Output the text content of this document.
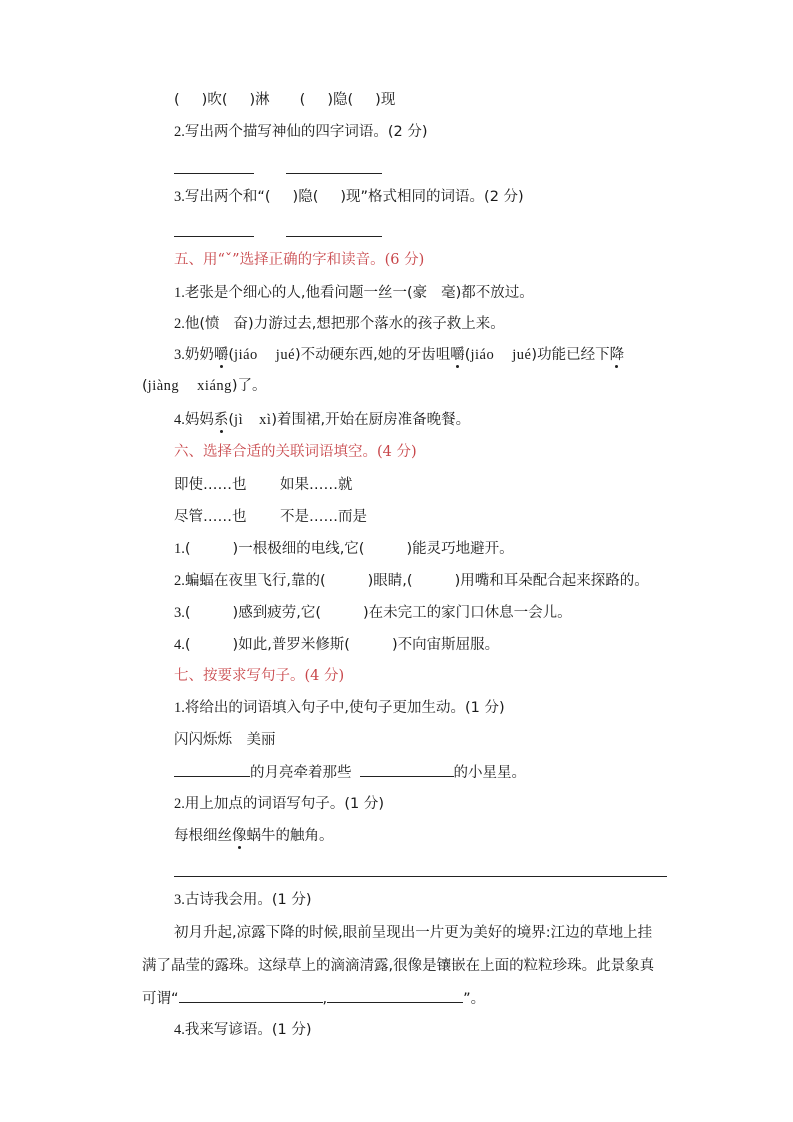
( )吹( )淋 ( )隐( )现
2.写出两个描写神仙的四字词语。(2 分)
3.写出两个和“( )隐( )现”格式相同的词语。(2 分)
五、用“ˇ”选择正确的字和读音。(6 分)
1.老张是个细心的人,他看问题一丝一(豪 毫)都不放过。
2.他(愤 奋)力游过去,想把那个落水的孩子救上来。
3.奶奶嚼(jiáo jué)不动硬东西,她的牙齿咀嚼(jiáo jué)功能已经下降
(jiàng xiáng)了。
4.妈妈系(jì xì)着围裙,开始在厨房准备晚餐。
六、选择合适的关联词语填空。(4 分)
即使……也 如果……就
尽管……也 不是……而是
1.(	)一根极细的电线,它(	)能灵巧地避开。
2.蝙蝠在夜里飞行,靠的(	)眼睛,(	)用嘴和耳朵配合起来探路的。
3.(	)感到疲劳,它(	)在未完工的家门口休息一会儿。
4.(	)如此,普罗米修斯(	)不向宙斯屈服。
七、按要求写句子。(4 分)
1.将给出的词语填入句子中,使句子更加生动。(1 分)
闪闪烁烁　美丽
的月亮牵着那些	的小星星。
2.用上加点的词语写句子。(1 分)
每根细丝像蜗牛的触角。
3.古诗我会用。(1 分)
初月升起,凉露下降的时候,眼前呈现出一片更为美好的境界:江边的草地上挂
满了晶莹的露珠。这绿草上的滴滴清露,很像是镶嵌在上面的粒粒珍珠。此景象真
可谓“	,	”。
4.我来写谚语。(1 分)
